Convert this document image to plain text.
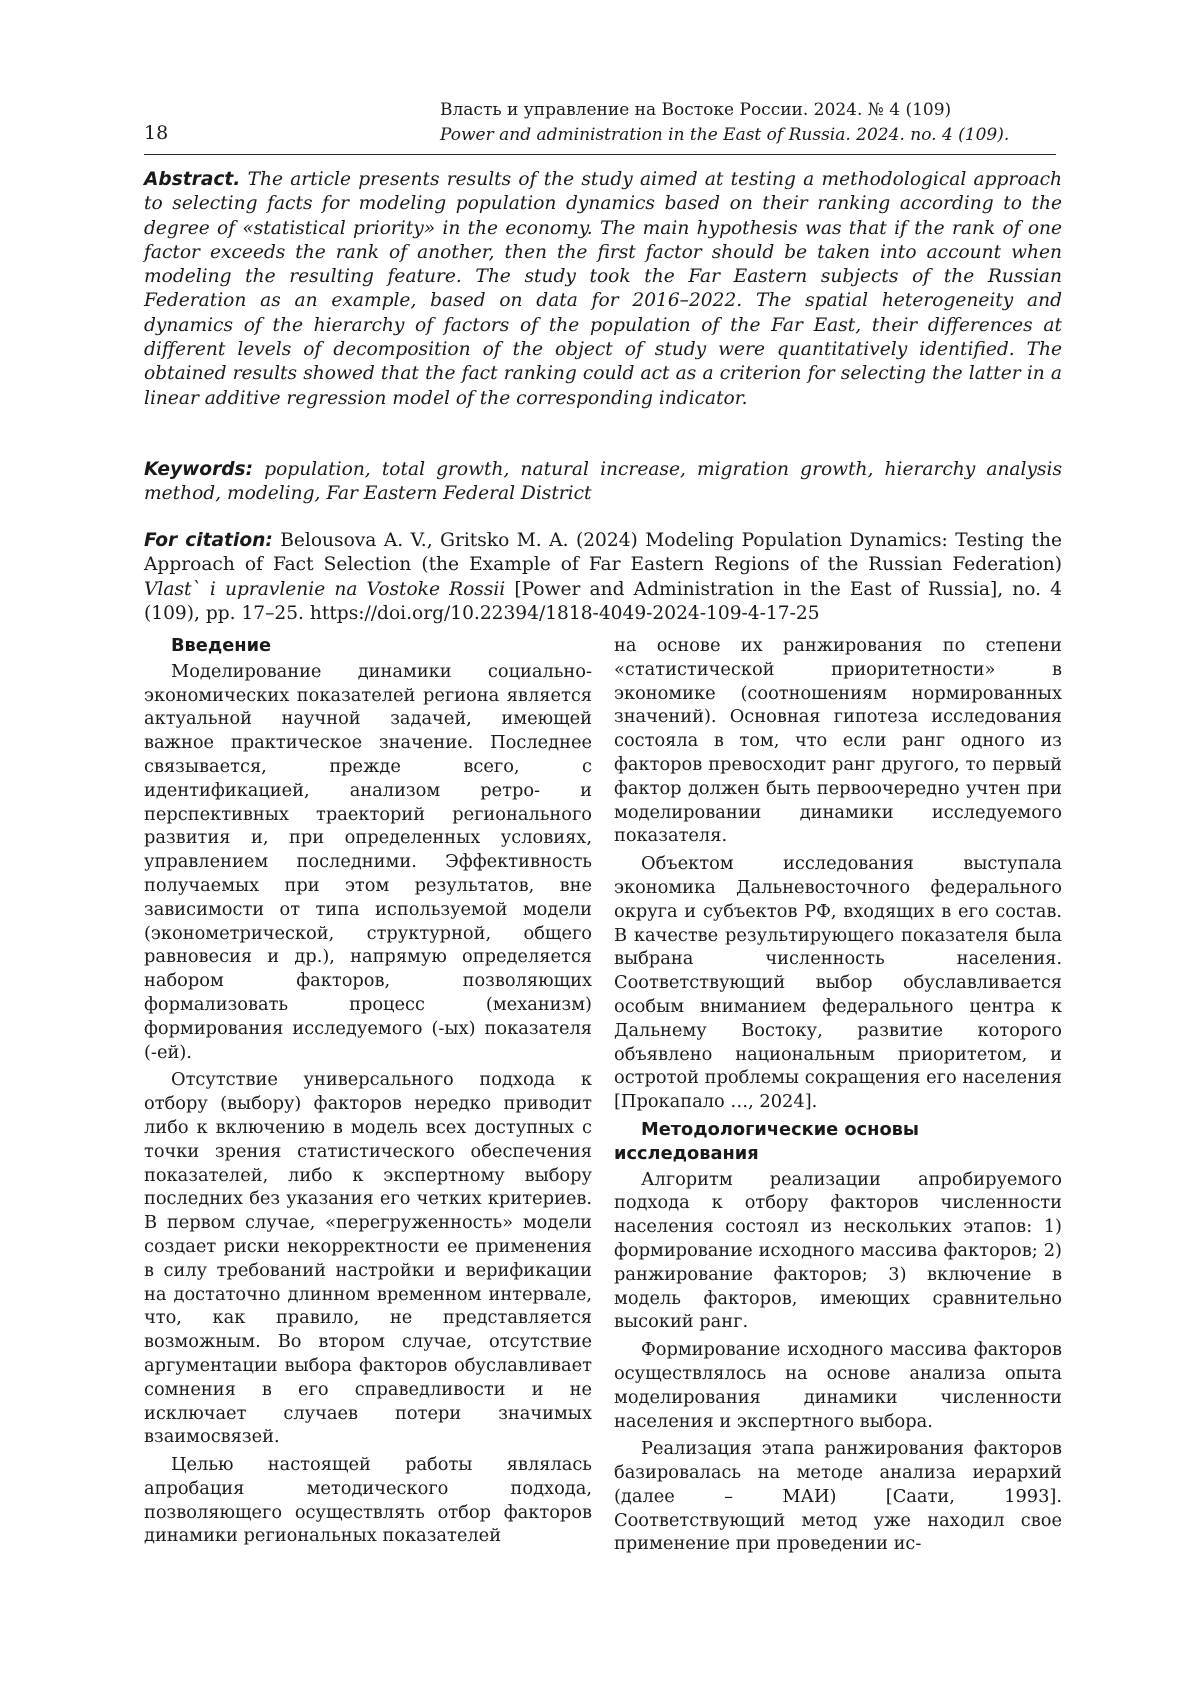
18
Власть и управление на Востоке России. 2024. № 4 (109)
Power and administration in the East of Russia. 2024. no. 4 (109).
Abstract. The article presents results of the study aimed at testing a methodological approach to selecting facts for modeling population dynamics based on their ranking according to the degree of «statistical priority» in the economy. The main hypothesis was that if the rank of one factor exceeds the rank of another, then the first factor should be taken into account when modeling the resulting feature. The study took the Far Eastern subjects of the Russian Federation as an example, based on data for 2016–2022. The spatial heterogeneity and dynamics of the hierarchy of factors of the population of the Far East, their differences at different levels of decomposition of the object of study were quantitatively identified. The obtained results showed that the fact ranking could act as a criterion for selecting the latter in a linear additive regression model of the corresponding indicator.
Keywords: population, total growth, natural increase, migration growth, hierarchy analysis method, modeling, Far Eastern Federal District
For citation: Belousova A. V., Gritsko M. A. (2024) Modeling Population Dynamics: Testing the Approach of Fact Selection (the Example of Far Eastern Regions of the Russian Federation) Vlast` i upravlenie na Vostoke Rossii [Power and Administration in the East of Russia], no. 4 (109), pp. 17–25. https://doi.org/10.22394/1818-4049-2024-109-4-17-25
Введение

Моделирование динамики социально-экономических показателей региона является актуальной научной задачей, имеющей важное практическое значение. Последнее связывается, прежде всего, с идентификацией, анализом ретро- и перспективных траекторий регионального развития и, при определенных условиях, управлением последними. Эффективность получаемых при этом результатов, вне зависимости от типа используемой модели (эконометрической, структурной, общего равновесия и др.), напрямую определяется набором факторов, позволяющих формализовать процесс (механизм) формирования исследуемого (-ых) показателя (-ей).

Отсутствие универсального подхода к отбору (выбору) факторов нередко приводит либо к включению в модель всех доступных с точки зрения статистического обеспечения показателей, либо к экспертному выбору последних без указания его четких критериев. В первом случае, «перегруженность» модели создает риски некорректности ее применения в силу требований настройки и верификации на достаточно длинном временном интервале, что, как правило, не представляется возможным. Во втором случае, отсутствие аргументации выбора факторов обуславливает сомнения в его справедливости и не исключает случаев потери значимых взаимосвязей.

Целью настоящей работы являлась апробация методического подхода, позволяющего осуществлять отбор факторов динамики региональных показателей

на основе их ранжирования по степени «статистической приоритетности» в экономике (соотношениям нормированных значений). Основная гипотеза исследования состояла в том, что если ранг одного из факторов превосходит ранг другого, то первый фактор должен быть первоочередно учтен при моделировании динамики исследуемого показателя.

Объектом исследования выступала экономика Дальневосточного федерального округа и субъектов РФ, входящих в его состав. В качестве результирующего показателя была выбрана численность населения. Соответствующий выбор обуславливается особым вниманием федерального центра к Дальнему Востоку, развитие которого объявлено национальным приоритетом, и остротой проблемы сокращения его населения [Прокапало …, 2024].

Методологические основы исследования

Алгоритм реализации апробируемого подхода к отбору факторов численности населения состоял из нескольких этапов: 1) формирование исходного массива факторов; 2) ранжирование факторов; 3) включение в модель факторов, имеющих сравнительно высокий ранг.

Формирование исходного массива факторов осуществлялось на основе анализа опыта моделирования динамики численности населения и экспертного выбора.

Реализация этапа ранжирования факторов базировалась на методе анализа иерархий (далее – МАИ) [Саати, 1993]. Соответствующий метод уже находил свое применение при проведении ис-
